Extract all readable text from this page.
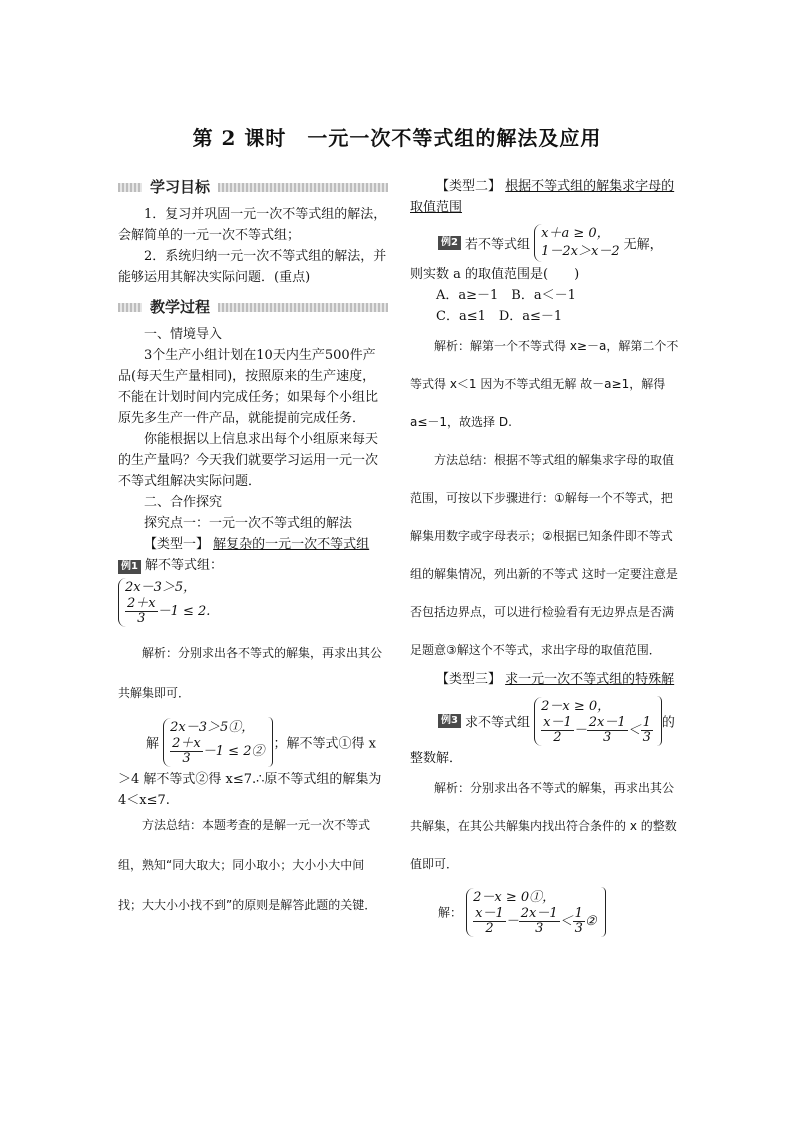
第 2 课时　一元一次不等式组的解法及应用
学习目标

1．复习并巩固一元一次不等式组的解法，会解简单的一元一次不等式组；

2．系统归纳一元一次不等式组的解法，并能够运用其解决实际问题．(重点)

教学过程

一、情境导入

3个生产小组计划在10天内生产500件产品(每天生产量相同)，按照原来的生产速度，不能在计划时间内完成任务；如果每个小组比原先多生产一件产品，就能提前完成任务．

你能根据以上信息求出每个小组原来每天的生产量吗？今天我们就要学习运用一元一次不等式组解决实际问题．

二、合作探究

探究点一：一元一次不等式组的解法

【类型一】 解复杂的一元一次不等式组

例1 解不等式组：

2x－3＞5，
$\frac{2+x}{3} -1 \le 2$.

解析：分别求出各不等式的解集，再求出其公共解集即可．

解
2x－3＞5①，
$\frac{2+x}{3} -1$ ≤ 2② ；解不等式①得 x

＞4 解不等式②得 x≤7.∴原不等式组的解集为 4＜x≤7.

方法总结：本题考查的是解一元一次不等式组，熟知“同大取大；同小取小；大小小大中间找；大大小小找不到”的原则是解答此题的关键．

【类型二】 根据不等式组的解集求字母的取值范围

例2 若不等式组
x＋a ≥ 0，
1－2x＞x－2 无解，

则实数 a 的取值范围是(　　)

A．a≥－1　B．a＜－1

C．a≤1　D．a≤－1

解析：解第一个不等式得 x≥－a，解第二个不等式得 x＜1 因为不等式组无解 故－a≥1，解得 a≤－1，故选择 D.

方法总结：根据不等式组的解集求字母的取值范围，可按以下步骤进行：①解每一个不等式，把解集用数字或字母表示；②根据已知条件即不等式组的解集情况，列出新的不等式 这时一定要注意是否包括边界点，可以进行检验看有无边界点是否满足题意③解这个不等式，求出字母的取值范围．

【类型三】 求一元一次不等式组的特殊解

例3 求不等式组
2－x ≥ 0，
$\frac{x-1}{2} - \frac{2x-1}{3} < \frac{1}{3}$ 的

整数解．

解析：分别求出各不等式的解集，再求出其公共解集，在其公共解集内找出符合条件的 x 的整数值即可．

解：
2－x ≥ 0①，
$\frac{x-1}{2} - \frac{2x-1}{3} < \frac{1}{3}$ ②
